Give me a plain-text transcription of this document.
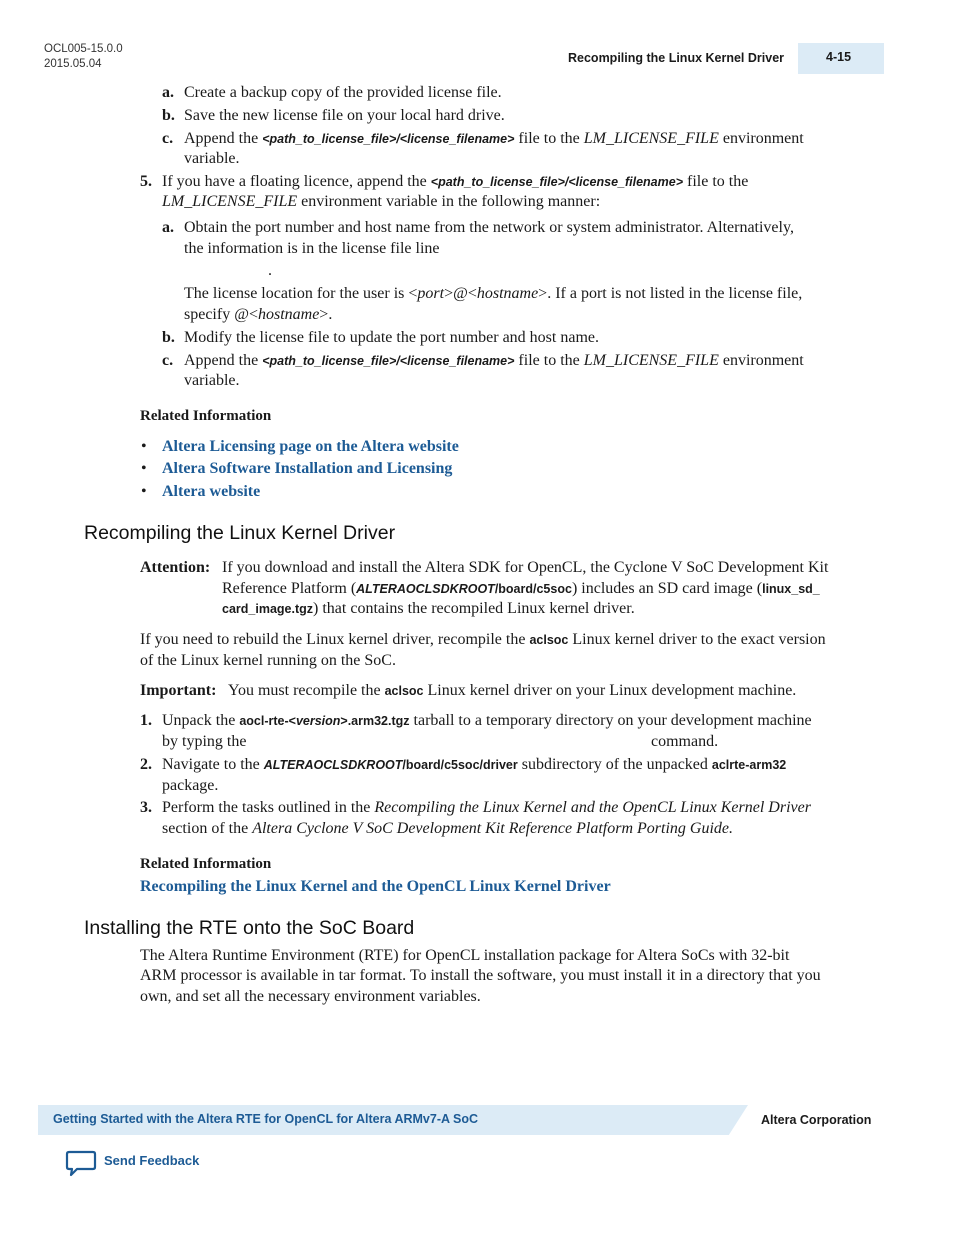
OCL005-15.0.0
2015.05.04	Recompiling the Linux Kernel Driver	4-15
a. Create a backup copy of the provided license file.
b. Save the new license file on your local hard drive.
c. Append the <path_to_license_file>/<license_filename> file to the LM_LICENSE_FILE environment
variable.
5. If you have a floating licence, append the <path_to_license_file>/<license_filename> file to the
LM_LICENSE_FILE environment variable in the following manner:
a. Obtain the port number and host name from the network or system administrator. Alternatively,
the information is in the license file line
.
The license location for the user is <port>@<hostname>. If a port is not listed in the license file,
specify @<hostname>.
b. Modify the license file to update the port number and host name.
c. Append the <path_to_license_file>/<license_filename> file to the LM_LICENSE_FILE environment
variable.
Related Information
• Altera Licensing page on the Altera website
• Altera Software Installation and Licensing
• Altera website
Recompiling the Linux Kernel Driver
Attention: If you download and install the Altera SDK for OpenCL, the Cyclone V SoC Development Kit
Reference Platform (ALTERAOCLSDKROOT/board/c5soc) includes an SD card image (linux_sd_
card_image.tgz) that contains the recompiled Linux kernel driver.
If you need to rebuild the Linux kernel driver, recompile the aclsoc Linux kernel driver to the exact version
of the Linux kernel running on the SoC.
Important: You must recompile the aclsoc Linux kernel driver on your Linux development machine.
1. Unpack the aocl-rte-<version>.arm32.tgz tarball to a temporary directory on your development machine
by typing the	command.
2. Navigate to the ALTERAOCLSDKROOT/board/c5soc/driver subdirectory of the unpacked aclrte-arm32
package.
3. Perform the tasks outlined in the Recompiling the Linux Kernel and the OpenCL Linux Kernel Driver
section of the Altera Cyclone V SoC Development Kit Reference Platform Porting Guide.
Related Information
Recompiling the Linux Kernel and the OpenCL Linux Kernel Driver
Installing the RTE onto the SoC Board
The Altera Runtime Environment (RTE) for OpenCL installation package for Altera SoCs with 32-bit
ARM processor is available in tar format. To install the software, you must install it in a directory that you
own, and set all the necessary environment variables.
Getting Started with the Altera RTE for OpenCL for Altera ARMv7-A SoC	Altera Corporation
Send Feedback
